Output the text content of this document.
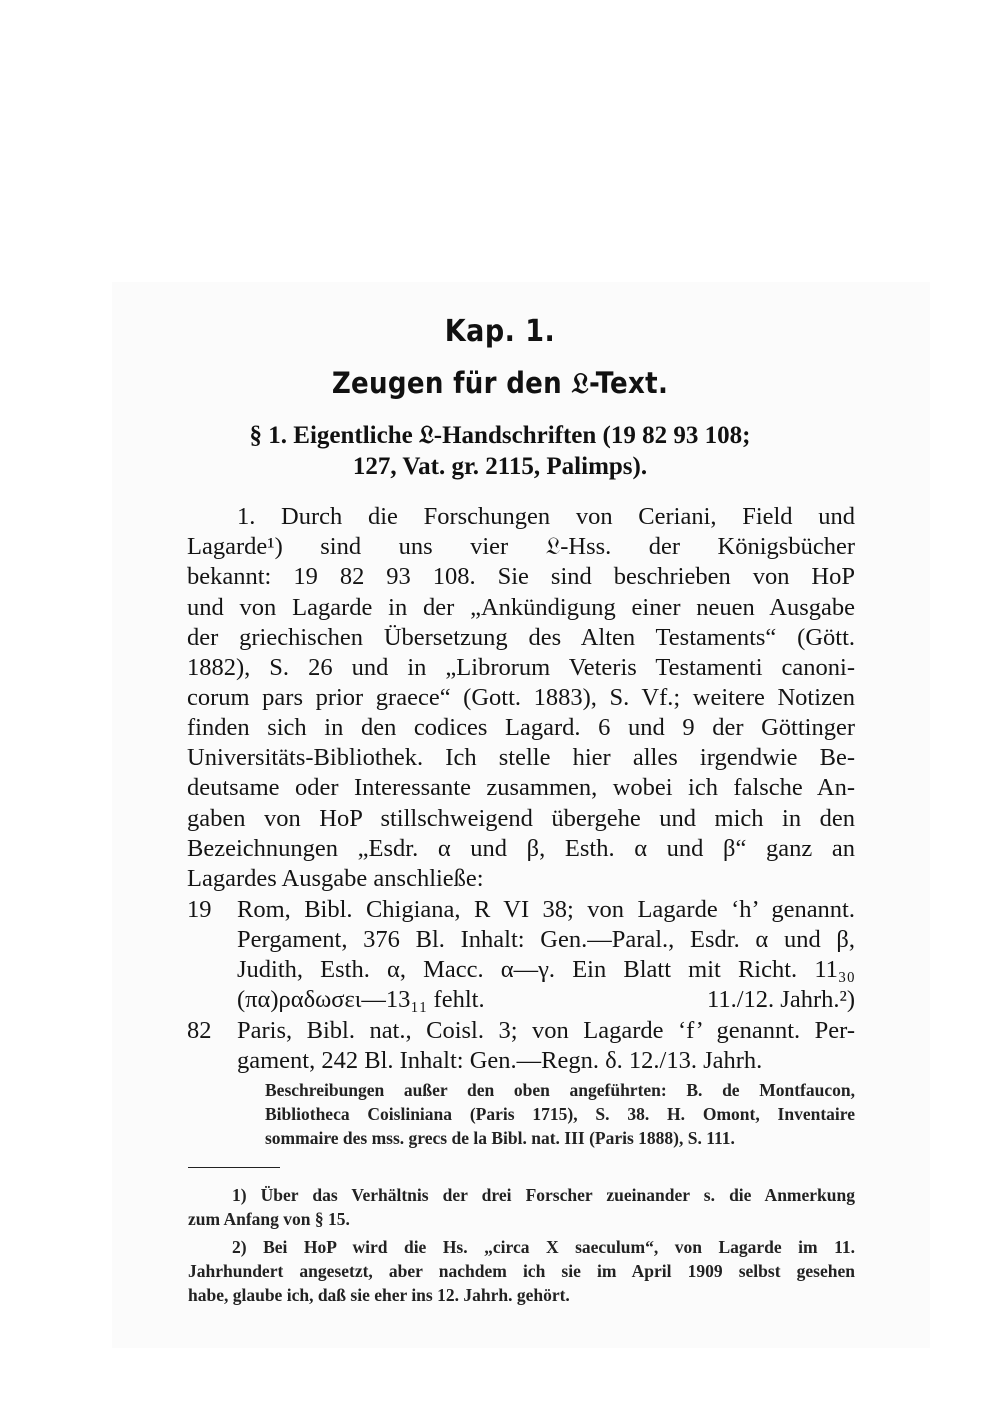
Kap. 1.
Zeugen für den 𝔏-Text.
§ 1. Eigentliche 𝔏-Handschriften (19 82 93 108;
127, Vat. gr. 2115, Palimps).
1. Durch die Forschungen von Ceriani, Field und
Lagarde¹) sind uns vier 𝔏-Hss. der Königsbücher
bekannt: 19 82 93 108. Sie sind beschrieben von HoP
und von Lagarde in der „Ankündigung einer neuen Ausgabe
der griechischen Übersetzung des Alten Testaments“ (Gött.
1882), S. 26 und in „Librorum Veteris Testamenti canoni-
corum pars prior graece“ (Gott. 1883), S. Vf.; weitere Notizen
finden sich in den codices Lagard. 6 und 9 der Göttinger
Universitäts-Bibliothek. Ich stelle hier alles irgendwie Be-
deutsame oder Interessante zusammen, wobei ich falsche An-
gaben von HoP stillschweigend übergehe und mich in den
Bezeichnungen „Esdr. α und β, Esth. α und β“ ganz an
Lagardes Ausgabe anschließe:
19	Rom, Bibl. Chigiana, R VI 38; von Lagarde ‘h’ genannt.
Pergament, 376 Bl. Inhalt: Gen.—Paral., Esdr. α und β,
Judith, Esth. α, Macc. α—γ. Ein Blatt mit Richt. 11₃₀
(πα)ραδωσει—13₁₁ fehlt.	11./12. Jahrh.²)
82	Paris, Bibl. nat., Coisl. 3; von Lagarde ‘f’ genannt. Per-
gament, 242 Bl. Inhalt: Gen.—Regn. δ. 12./13. Jahrh.
Beschreibungen außer den oben angeführten: B. de Montfaucon,
Bibliotheca Coisliniana (Paris 1715), S. 38. H. Omont, Inventaire
sommaire des mss. grecs de la Bibl. nat. III (Paris 1888), S. 111.
1) Über das Verhältnis der drei Forscher zueinander s. die Anmerkung
zum Anfang von § 15.
2) Bei HoP wird die Hs. „circa X saeculum“, von Lagarde im 11.
Jahrhundert angesetzt, aber nachdem ich sie im April 1909 selbst gesehen
habe, glaube ich, daß sie eher ins 12. Jahrh. gehört.
